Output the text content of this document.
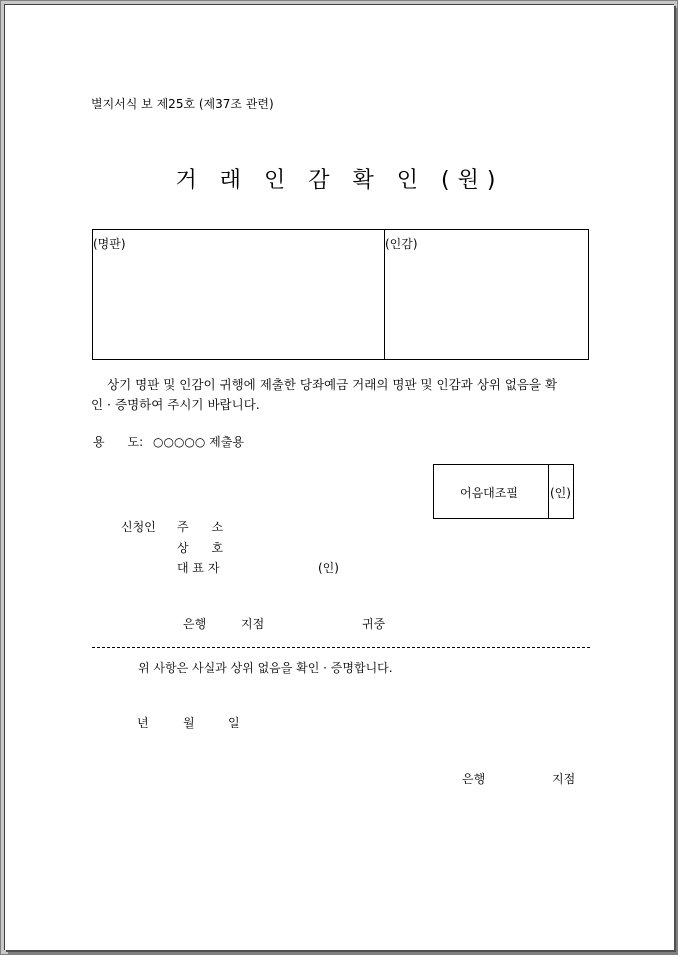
별지서식 보 제25호 (제37조 관련)
거 래 인 감 확 인 (원)
(명판)	(인감)
상기 명판 및 인감이 귀행에 제출한 당좌예금 거래의 명판 및 인감과 상위 없음을 확
인 · 증명하여 주시기 바랍니다.
용      도: ○○○○○ 제출용
어음대조필	(인)
신청인 주      소
상      호
대 표 자	(인)
은행	지점	귀중
위 사항은 사실과 상위 없음을 확인 · 증명합니다.
년	월	일
은행	지점
